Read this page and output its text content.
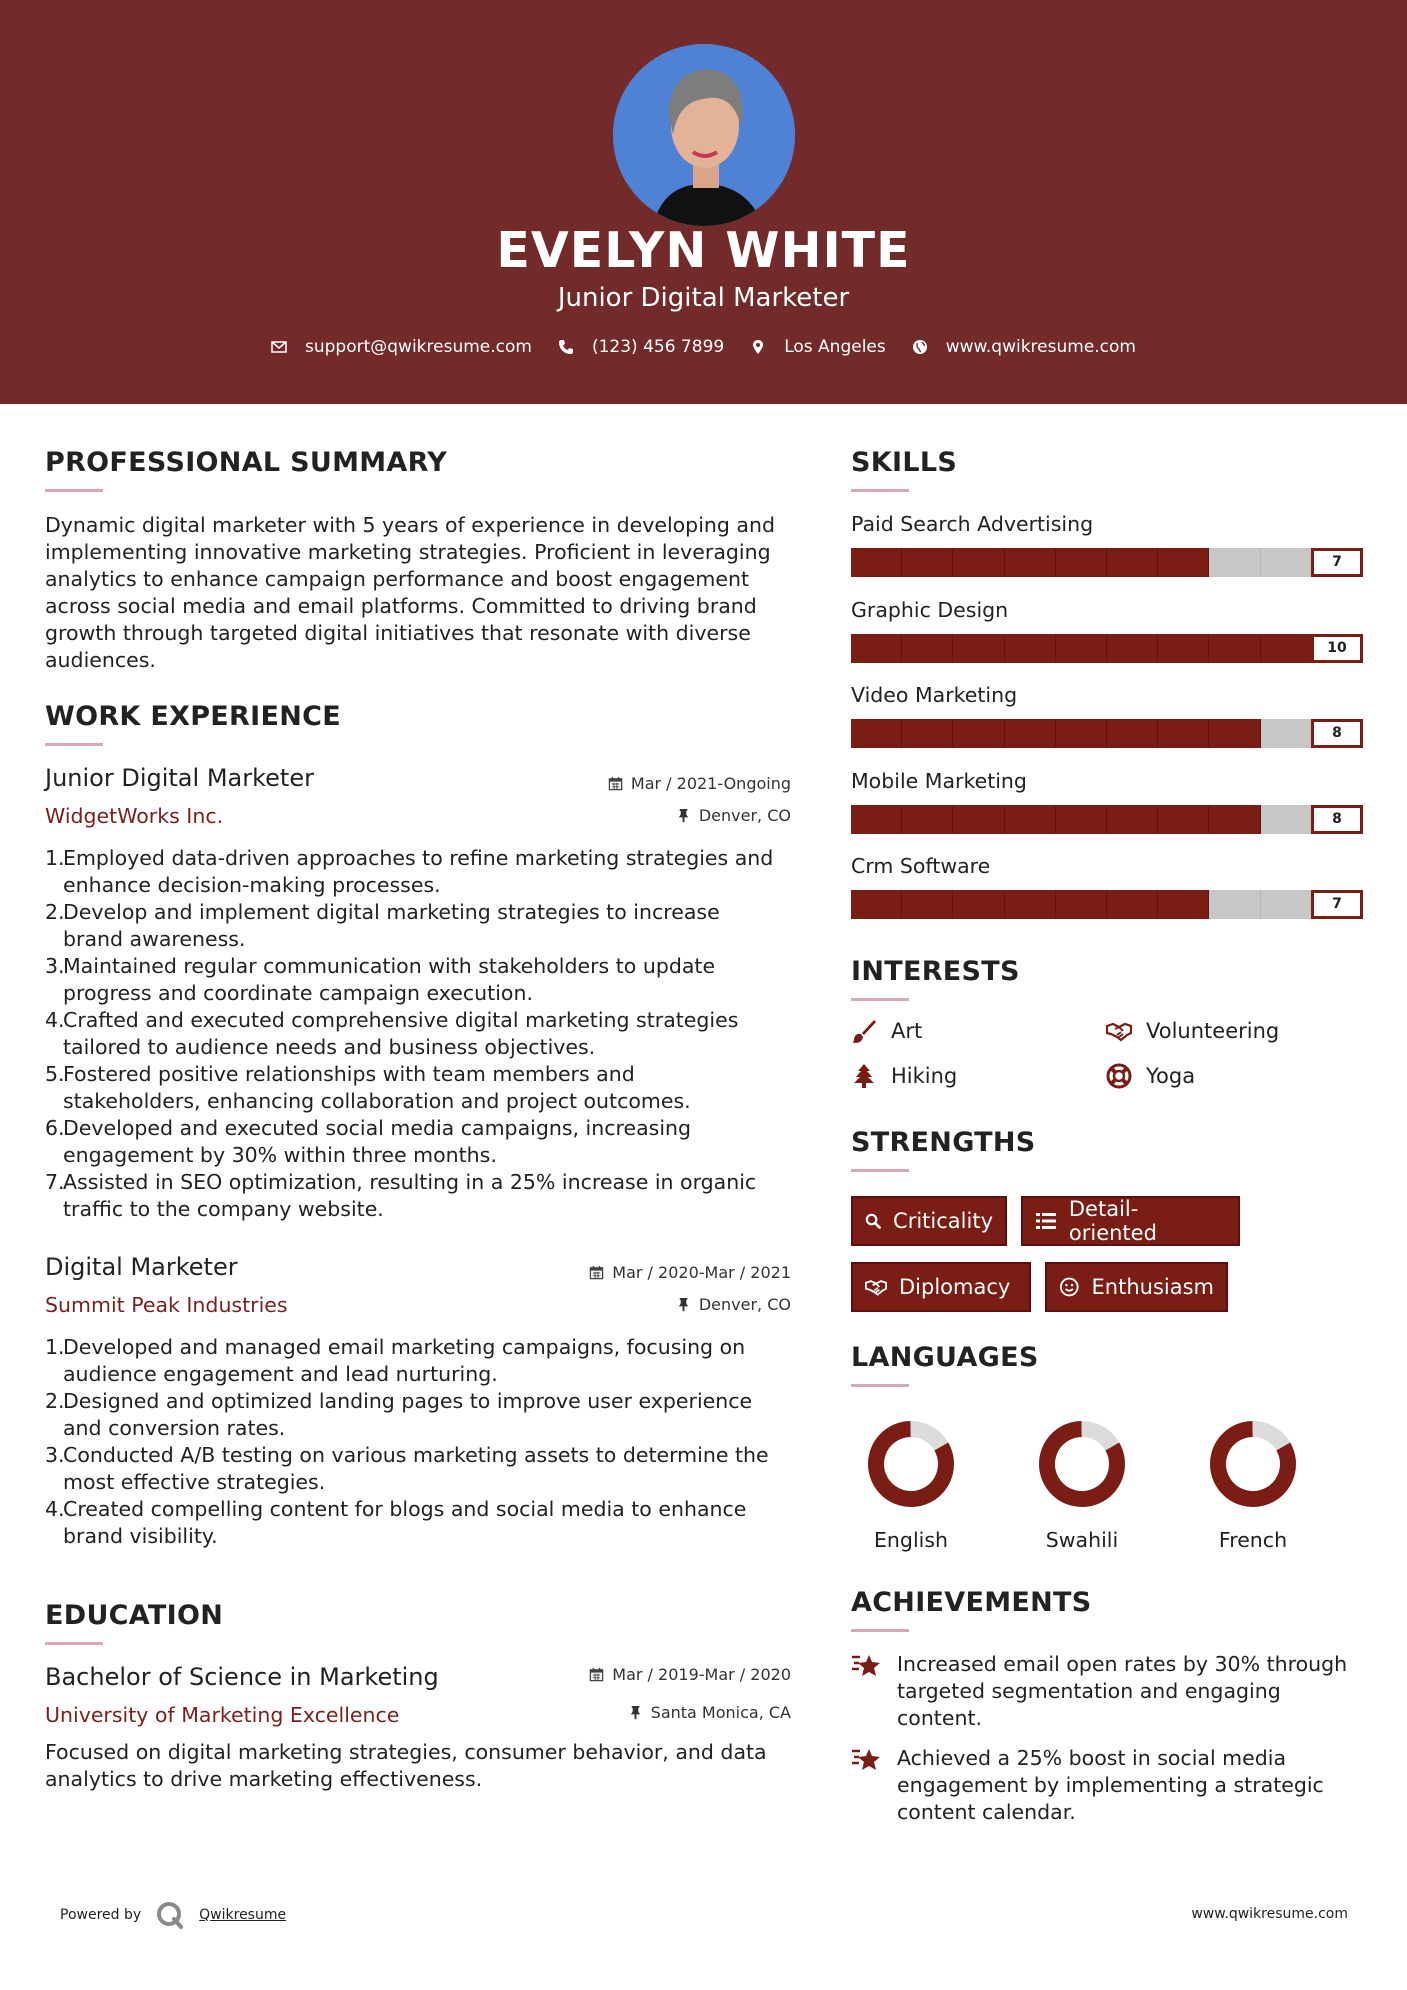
EVELYN WHITE
Junior Digital Marketer
support@qwikresume.com	(123) 456 7899	Los Angeles	www.qwikresume.com
PROFESSIONAL SUMMARY
Dynamic digital marketer with 5 years of experience in developing and
implementing innovative marketing strategies. Proficient in leveraging
analytics to enhance campaign performance and boost engagement
across social media and email platforms. Committed to driving brand
growth through targeted digital initiatives that resonate with diverse
audiences.
WORK EXPERIENCE
Junior Digital Marketer
WidgetWorks Inc.
Mar / 2021-Ongoing
Denver, CO
1.
Employed data-driven approaches to refine marketing strategies and
enhance decision-making processes.
2.
Develop and implement digital marketing strategies to increase
brand awareness.
3.
Maintained regular communication with stakeholders to update
progress and coordinate campaign execution.
4.
Crafted and executed comprehensive digital marketing strategies
tailored to audience needs and business objectives.
5.
Fostered positive relationships with team members and
stakeholders, enhancing collaboration and project outcomes.
6.
Developed and executed social media campaigns, increasing
engagement by 30% within three months.
7.
Assisted in SEO optimization, resulting in a 25% increase in organic
traffic to the company website.
Digital Marketer
Summit Peak Industries
Mar / 2020-Mar / 2021
Denver, CO
1.
Developed and managed email marketing campaigns, focusing on
audience engagement and lead nurturing.
2.
Designed and optimized landing pages to improve user experience
and conversion rates.
3.
Conducted A/B testing on various marketing assets to determine the
most effective strategies.
4.
Created compelling content for blogs and social media to enhance
brand visibility.
EDUCATION
Bachelor of Science in Marketing
University of Marketing Excellence
Mar / 2019-Mar / 2020
Santa Monica, CA
Focused on digital marketing strategies, consumer behavior, and data
analytics to drive marketing effectiveness.
SKILLS
Paid Search Advertising
7
Graphic Design
10
Video Marketing
8
Mobile Marketing
8
Crm Software
7
INTERESTS
Art	Volunteering
Hiking	Yoga
STRENGTHS
Criticality	Detail-oriented
Diplomacy	Enthusiasm
LANGUAGES
English	Swahili	French
ACHIEVEMENTS
Increased email open rates by 30% through
targeted segmentation and engaging
content.
Achieved a 25% boost in social media
engagement by implementing a strategic
content calendar.
Powered by	Qwikresume	www.qwikresume.com
